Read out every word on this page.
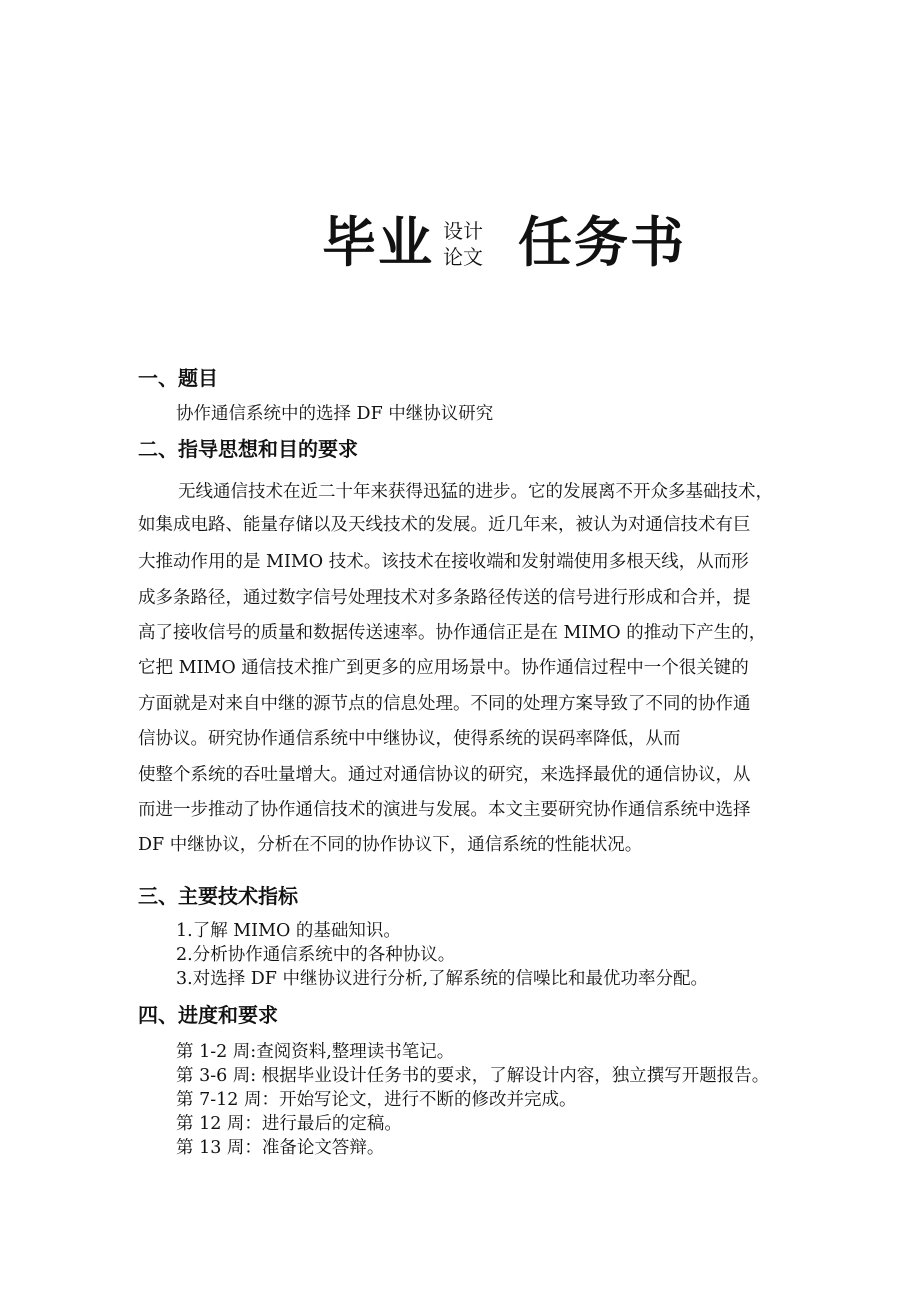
毕业 设计
论文 任务书
一、题目
协作通信系统中的选择 DF 中继协议研究
二、指导思想和目的要求
无线通信技术在近二十年来获得迅猛的进步。它的发展离不开众多基础技术，
如集成电路、能量存储以及天线技术的发展。近几年来，被认为对通信技术有巨
大推动作用的是 MIMO 技术。该技术在接收端和发射端使用多根天线，从而形
成多条路径，通过数字信号处理技术对多条路径传送的信号进行形成和合并，提
高了接收信号的质量和数据传送速率。协作通信正是在 MIMO 的推动下产生的，
它把 MIMO 通信技术推广到更多的应用场景中。协作通信过程中一个很关键的
方面就是对来自中继的源节点的信息处理。不同的处理方案导致了不同的协作通
信协议。研究协作通信系统中中继协议，使得系统的误码率降低，从而
使整个系统的吞吐量增大。通过对通信协议的研究，来选择最优的通信协议，从
而进一步推动了协作通信技术的演进与发展。本文主要研究协作通信系统中选择
DF 中继协议，分析在不同的协作协议下，通信系统的性能状况。
三、主要技术指标
1.了解 MIMO 的基础知识。
2.分析协作通信系统中的各种协议。
3.对选择 DF 中继协议进行分析,了解系统的信噪比和最优功率分配。
四、进度和要求
第 1-2 周:查阅资料,整理读书笔记。
第 3-6 周: 根据毕业设计任务书的要求，了解设计内容，独立撰写开题报告。
第 7-12 周：开始写论文，进行不断的修改并完成。
第 12 周：进行最后的定稿。
第 13 周：准备论文答辩。
